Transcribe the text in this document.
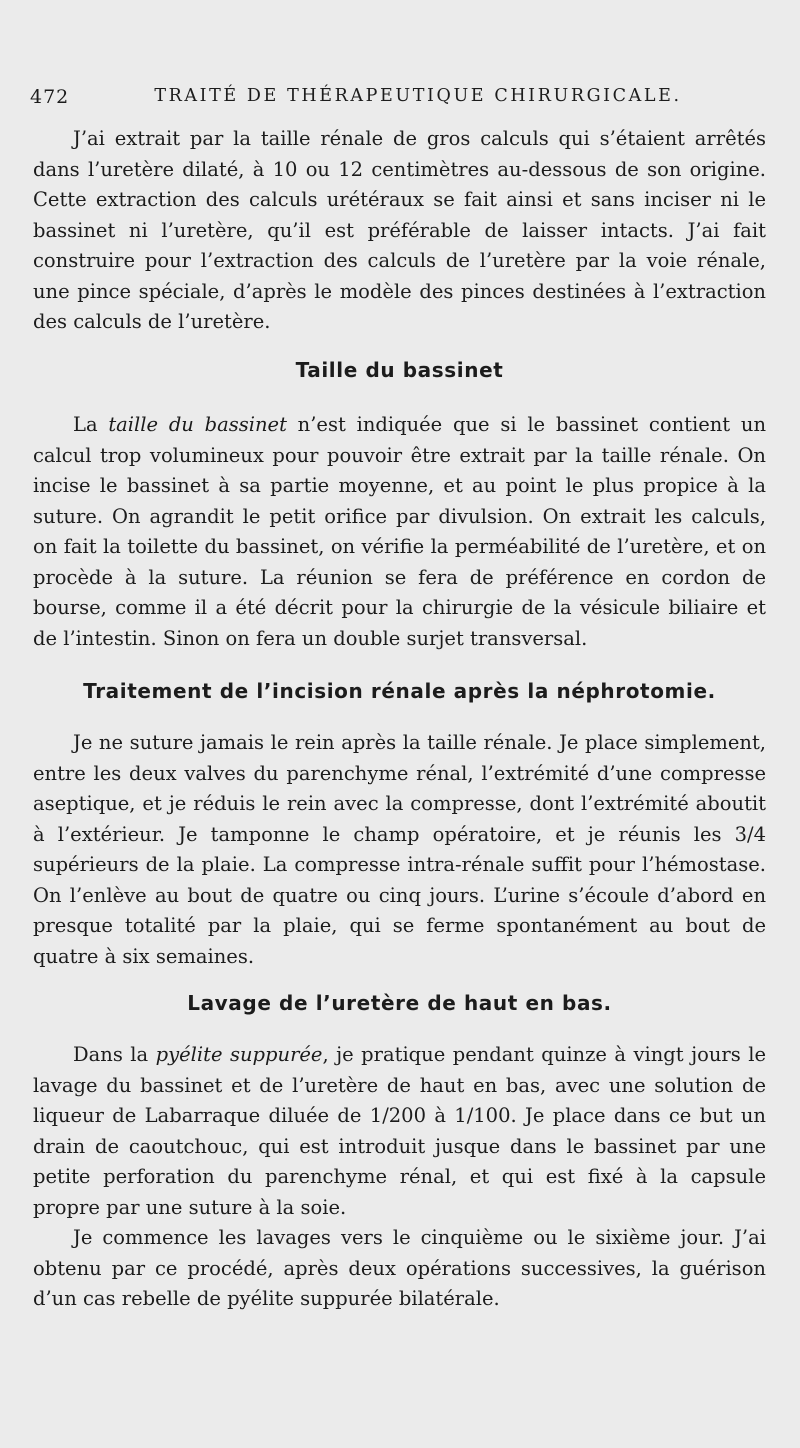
472	TRAITÉ DE THÉRAPEUTIQUE CHIRURGICALE.

J’ai extrait par la taille rénale de gros calculs qui s’étaient arrêtés dans l’uretère dilaté, à 10 ou 12 centimètres au-dessous de son origine. Cette extraction des calculs urétéraux se fait ainsi et sans inciser ni le bassinet ni l’uretère, qu’il est préférable de laisser intacts. J’ai fait construire pour l’extraction des calculs de l’uretère par la voie rénale, une pince spéciale, d’après le modèle des pinces destinées à l’extraction des calculs de l’uretère.

Taille du bassinet

La taille du bassinet n’est indiquée que si le bassinet contient un calcul trop volumineux pour pouvoir être extrait par la taille rénale. On incise le bassinet à sa partie moyenne, et au point le plus propice à la suture. On agrandit le petit orifice par divulsion. On extrait les calculs, on fait la toilette du bassinet, on vérifie la perméabilité de l’uretère, et on procède à la suture. La réunion se fera de préférence en cordon de bourse, comme il a été décrit pour la chirurgie de la vésicule biliaire et de l’intestin. Sinon on fera un double surjet transversal.

Traitement de l’incision rénale après la néphrotomie.

Je ne suture jamais le rein après la taille rénale. Je place simplement, entre les deux valves du parenchyme rénal, l’extrémité d’une compresse aseptique, et je réduis le rein avec la compresse, dont l’extrémité aboutit à l’extérieur. Je tamponne le champ opératoire, et je réunis les 3/4 supérieurs de la plaie. La compresse intra-rénale suffit pour l’hémostase. On l’enlève au bout de quatre ou cinq jours. L’urine s’écoule d’abord en presque totalité par la plaie, qui se ferme spontanément au bout de quatre à six semaines.

Lavage de l’uretère de haut en bas.

Dans la pyélite suppurée, je pratique pendant quinze à vingt jours le lavage du bassinet et de l’uretère de haut en bas, avec une solution de liqueur de Labarraque diluée de 1/200 à 1/100. Je place dans ce but un drain de caoutchouc, qui est introduit jusque dans le bassinet par une petite perforation du parenchyme rénal, et qui est fixé à la capsule propre par une suture à la soie.

Je commence les lavages vers le cinquième ou le sixième jour. J’ai obtenu par ce procédé, après deux opérations successives, la guérison d’un cas rebelle de pyélite suppurée bilatérale.
